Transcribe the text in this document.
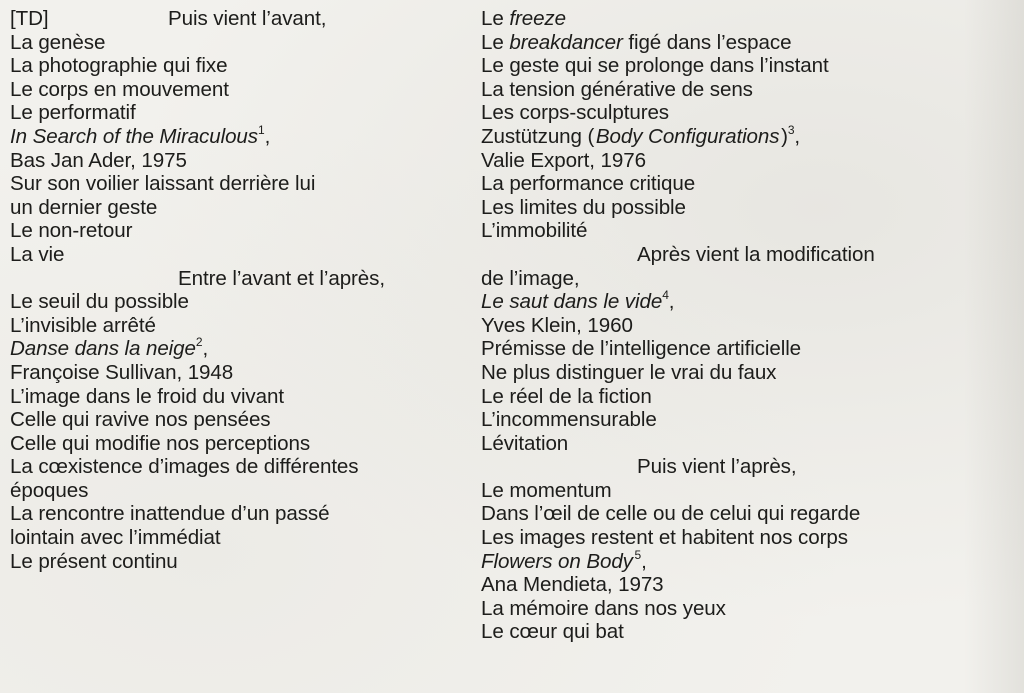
[TD]	Puis vient l’avant,
La genèse
La photographie qui fixe
Le corps en mouvement
Le performatif
In Search of the Miraculous$^1$,
Bas Jan Ader, 1975
Sur son voilier laissant derrière lui
un dernier geste
Le non-retour
La vie
Entre l’avant et l’après,
Le seuil du possible
L’invisible arrêté
Danse dans la neige$^2$,
Françoise Sullivan, 1948
L’image dans le froid du vivant
Celle qui ravive nos pensées
Celle qui modifie nos perceptions
La cœxistence d’images de différentes
époques
La rencontre inattendue d’un passé
lointain avec l’immédiat
Le présent continu
Le freeze
Le breakdancer figé dans l’espace
Le geste qui se prolonge dans l’instant
La tension générative de sens
Les corps-sculptures
Zustützung ( Body Configurations )$^3$,
Valie Export, 1976
La performance critique
Les limites du possible
L’immobilité
Après vient la modification
de l’image,
Le saut dans le vide$^4$,
Yves Klein, 1960
Prémisse de l’intelligence artificielle
Ne plus distinguer le vrai du faux
Le réel de la fiction
L’incommensurable
Lévitation
Puis vient l’après,
Le momentum
Dans l’œil de celle ou de celui qui regarde
Les images restent et habitent nos corps
Flowers on Body  $^5$,
Ana Mendieta, 1973
La mémoire dans nos yeux
Le cœur qui bat
